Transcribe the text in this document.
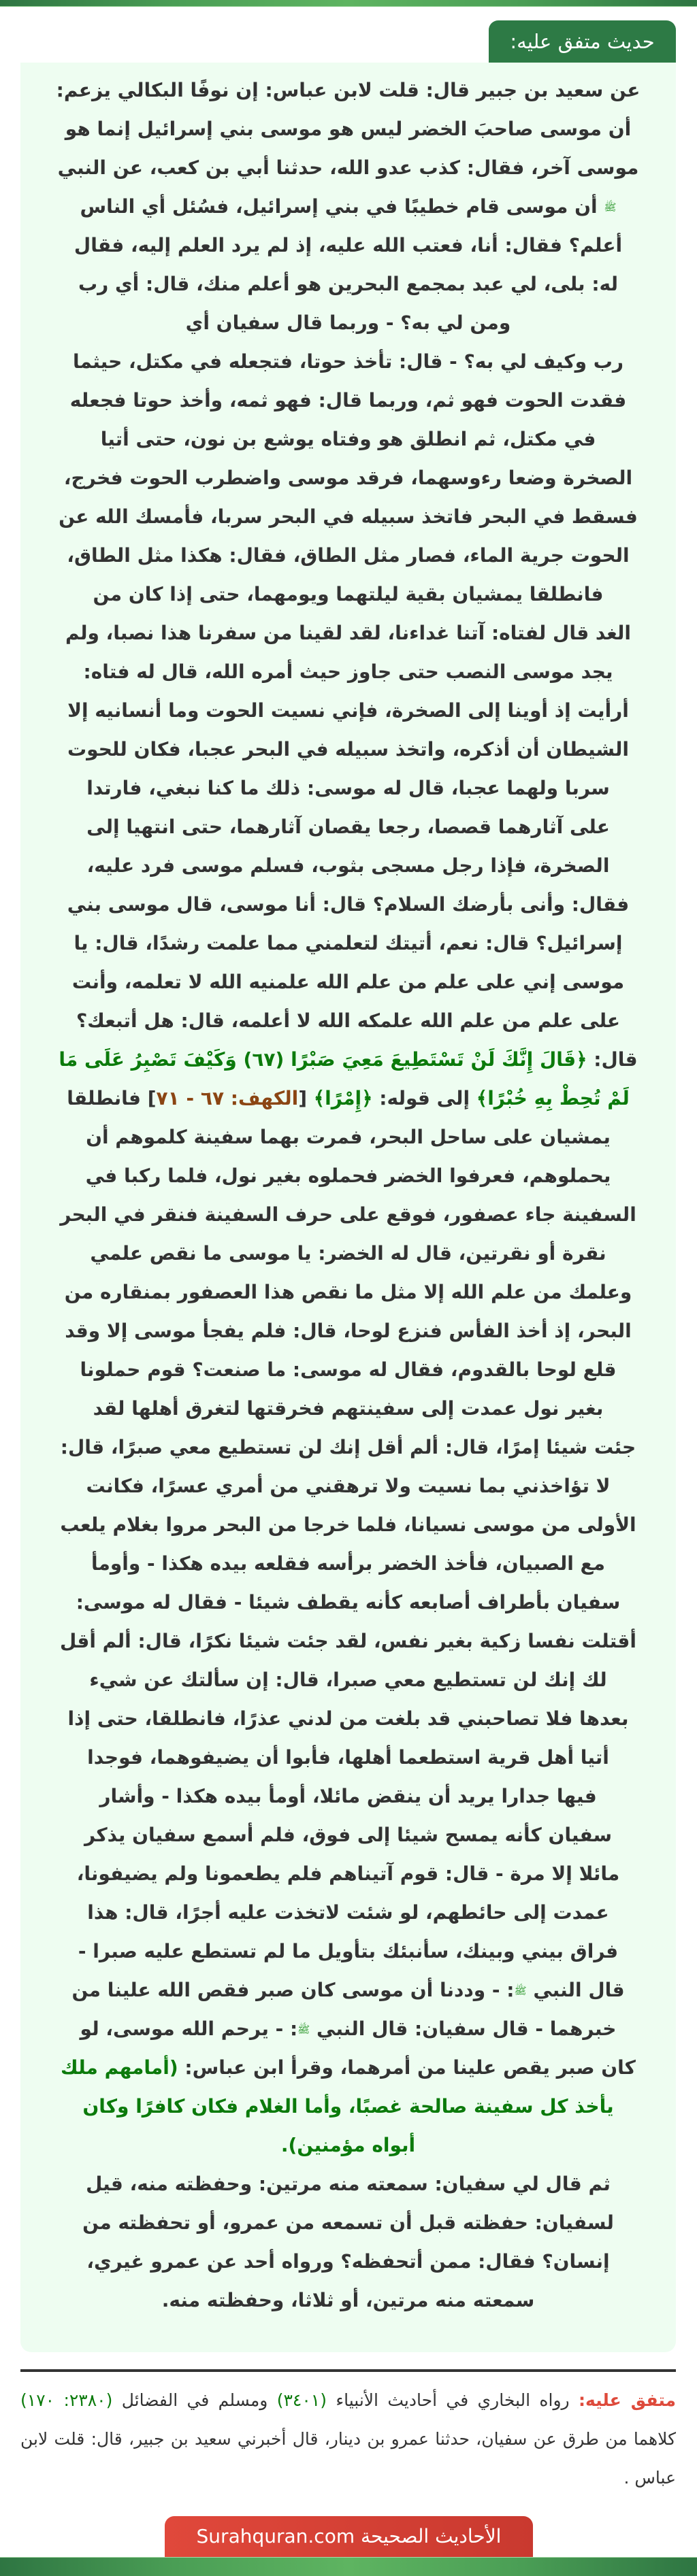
حديث متفق عليه:
عن سعيد بن جبير قال: قلت لابن عباس: إن نوفًا البكالي يزعم:
أن موسى صاحبَ الخضر ليس هو موسى بني إسرائيل إنما هو
موسى آخر، فقال: كذب عدو الله، حدثنا أبي بن كعب، عن النبي
ﷺ أن موسى قام خطيبًا في بني إسرائيل، فسُئل أي الناس
أعلم؟ فقال: أنا، فعتب الله عليه، إذ لم يرد العلم إليه، فقال
له: بلى، لي عبد بمجمع البحرين هو أعلم منك، قال: أي رب
ومن لي به؟ - وربما قال سفيان أي
رب وكيف لي به؟ - قال: تأخذ حوتا، فتجعله في مكتل، حيثما
فقدت الحوت فهو ثم، وربما قال: فهو ثمه، وأخذ حوتا فجعله
في مكتل، ثم انطلق هو وفتاه يوشع بن نون، حتى أتيا
الصخرة وضعا رءوسهما، فرقد موسى واضطرب الحوت فخرج،
فسقط في البحر فاتخذ سبيله في البحر سربا، فأمسك الله عن
الحوت جرية الماء، فصار مثل الطاق، فقال: هكذا مثل الطاق،
فانطلقا يمشيان بقية ليلتهما ويومهما، حتى إذا كان من
الغد قال لفتاه: آتنا غداءنا، لقد لقينا من سفرنا هذا نصبا، ولم
يجد موسى النصب حتى جاوز حيث أمره الله، قال له فتاه:
أرأيت إذ أوينا إلى الصخرة، فإني نسيت الحوت وما أنسانيه إلا
الشيطان أن أذكره، واتخذ سبيله في البحر عجبا، فكان للحوت
سربا ولهما عجبا، قال له موسى: ذلك ما كنا نبغي، فارتدا
على آثارهما قصصا، رجعا يقصان آثارهما، حتى انتهيا إلى
الصخرة، فإذا رجل مسجى بثوب، فسلم موسى فرد عليه،
فقال: وأنى بأرضك السلام؟ قال: أنا موسى، قال موسى بني
إسرائيل؟ قال: نعم، أتيتك لتعلمني مما علمت رشدًا، قال: يا
موسى إني على علم من علم الله علمنيه الله لا تعلمه، وأنت
على علم من علم الله علمكه الله لا أعلمه، قال: هل أتبعك؟
قال: ﴿قَالَ إِنَّكَ لَنْ تَسْتَطِيعَ مَعِيَ صَبْرًا (٦٧) وَكَيْفَ تَصْبِرُ عَلَى مَا
لَمْ تُحِطْ بِهِ خُبْرًا﴾ إلى قوله: ﴿إِمْرًا﴾ [الكهف: ٦٧ - ٧١] فانطلقا
يمشيان على ساحل البحر، فمرت بهما سفينة كلموهم أن
يحملوهم، فعرفوا الخضر فحملوه بغير نول، فلما ركبا في
السفينة جاء عصفور، فوقع على حرف السفينة فنقر في البحر
نقرة أو نقرتين، قال له الخضر: يا موسى ما نقص علمي
وعلمك من علم الله إلا مثل ما نقص هذا العصفور بمنقاره من
البحر، إذ أخذ الفأس فنزع لوحا، قال: فلم يفجأ موسى إلا وقد
قلع لوحا بالقدوم، فقال له موسى: ما صنعت؟ قوم حملونا
بغير نول عمدت إلى سفينتهم فخرقتها لتغرق أهلها لقد
جئت شيئا إمرًا، قال: ألم أقل إنك لن تستطيع معي صبرًا، قال:
لا تؤاخذني بما نسيت ولا ترهقني من أمري عسرًا، فكانت
الأولى من موسى نسيانا، فلما خرجا من البحر مروا بغلام يلعب
مع الصبيان، فأخذ الخضر برأسه فقلعه بيده هكذا - وأومأ
سفيان بأطراف أصابعه كأنه يقطف شيئا - فقال له موسى:
أقتلت نفسا زكية بغير نفس، لقد جئت شيئا نكرًا، قال: ألم أقل
لك إنك لن تستطيع معي صبرا، قال: إن سألتك عن شيء
بعدها فلا تصاحبني قد بلغت من لدني عذرًا، فانطلقا، حتى إذا
أتيا أهل قرية استطعما أهلها، فأبوا أن يضيفوهما، فوجدا
فيها جدارا يريد أن ينقض مائلا، أومأ بيده هكذا - وأشار
سفيان كأنه يمسح شيئا إلى فوق، فلم أسمع سفيان يذكر
مائلا إلا مرة - قال: قوم آتيناهم فلم يطعمونا ولم يضيفونا،
عمدت إلى حائطهم، لو شئت لاتخذت عليه أجرًا، قال: هذا
فراق بيني وبينك، سأنبئك بتأويل ما لم تستطع عليه صبرا -
قال النبي ﷺ: - وددنا أن موسى كان صبر فقص الله علينا من
خبرهما - قال سفيان: قال النبي ﷺ: - يرحم الله موسى، لو
كان صبر يقص علينا من أمرهما، وقرأ ابن عباس: (أمامهم ملك
يأخذ كل سفينة صالحة غصبًا، وأما الغلام فكان كافرًا وكان
أبواه مؤمنين).
ثم قال لي سفيان: سمعته منه مرتين: وحفظته منه، قيل
لسفيان: حفظته قبل أن تسمعه من عمرو، أو تحفظته من
إنسان؟ فقال: ممن أتحفظه؟ ورواه أحد عن عمرو غيري،
سمعته منه مرتين، أو ثلاثا، وحفظته منه.
متفق عليه: رواه البخاري في أحاديث الأنبياء (٣٤٠١) ومسلم في الفضائل (٢٣٨٠: ١٧٠) كلاهما من طرق عن سفيان، حدثنا عمرو بن دينار، قال أخبرني سعيد بن جبير، قال: قلت لابن عباس .
الأحاديث الصحيحة Surahquran.com
